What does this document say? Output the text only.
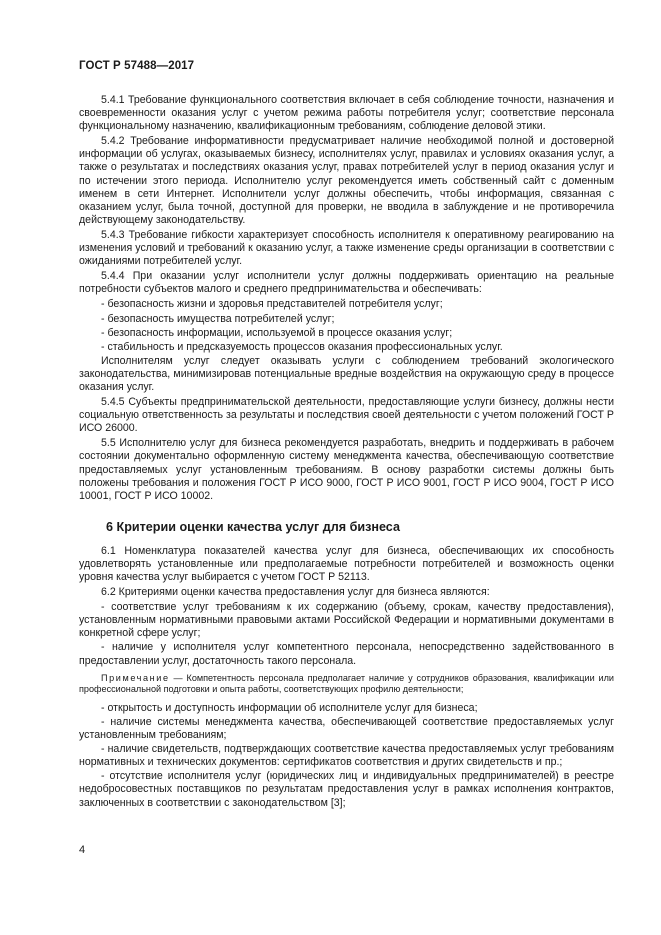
ГОСТ Р 57488—2017

5.4.1 Требование функционального соответствия включает в себя соблюдение точности, назначения и своевременности оказания услуг с учетом режима работы потребителя услуг; соответствие персонала функциональному назначению, квалификационным требованиям, соблюдение деловой этики.

5.4.2 Требование информативности предусматривает наличие необходимой полной и достоверной информации об услугах, оказываемых бизнесу, исполнителях услуг, правилах и условиях оказания услуг, а также о результатах и последствиях оказания услуг, правах потребителей услуг в период оказания услуг и по истечении этого периода. Исполнителю услуг рекомендуется иметь собственный сайт с доменным именем в сети Интернет. Исполнители услуг должны обеспечить, чтобы информация, связанная с оказанием услуг, была точной, доступной для проверки, не вводила в заблуждение и не противоречила действующему законодательству.

5.4.3 Требование гибкости характеризует способность исполнителя к оперативному реагированию на изменения условий и требований к оказанию услуг, а также изменение среды организации в соответствии с ожиданиями потребителей услуг.

5.4.4 При оказании услуг исполнители услуг должны поддерживать ориентацию на реальные потребности субъектов малого и среднего предпринимательства и обеспечивать:

- безопасность жизни и здоровья представителей потребителя услуг;

- безопасность имущества потребителей услуг;

- безопасность информации, используемой в процессе оказания услуг;

- стабильность и предсказуемость процессов оказания профессиональных услуг.

Исполнителям услуг следует оказывать услуги с соблюдением требований экологического законодательства, минимизировав потенциальные вредные воздействия на окружающую среду в процессе оказания услуг.

5.4.5 Субъекты предпринимательской деятельности, предоставляющие услуги бизнесу, должны нести социальную ответственность за результаты и последствия своей деятельности с учетом положений ГОСТ Р ИСО 26000.

5.5 Исполнителю услуг для бизнеса рекомендуется разработать, внедрить и поддерживать в рабочем состоянии документально оформленную систему менеджмента качества, обеспечивающую соответствие предоставляемых услуг установленным требованиям. В основу разработки системы должны быть положены требования и положения ГОСТ Р ИСО 9000, ГОСТ Р ИСО 9001, ГОСТ Р ИСО 9004, ГОСТ Р ИСО 10001, ГОСТ Р ИСО 10002.

6 Критерии оценки качества услуг для бизнеса

6.1 Номенклатура показателей качества услуг для бизнеса, обеспечивающих их способность удовлетворять установленные или предполагаемые потребности потребителей и возможность оценки уровня качества услуг выбирается с учетом ГОСТ Р 52113.

6.2 Критериями оценки качества предоставления услуг для бизнеса являются:

- соответствие услуг требованиям к их содержанию (объему, срокам, качеству предоставления), установленным нормативными правовыми актами Российской Федерации и нормативными документами в конкретной сфере услуг;

- наличие у исполнителя услуг компетентного персонала, непосредственно задействованного в предоставлении услуг, достаточность такого персонала.

Примечание — Компетентность персонала предполагает наличие у сотрудников образования, квалификации или профессиональной подготовки и опыта работы, соответствующих профилю деятельности;

- открытость и доступность информации об исполнителе услуг для бизнеса;

- наличие системы менеджмента качества, обеспечивающей соответствие предоставляемых услуг установленным требованиям;

- наличие свидетельств, подтверждающих соответствие качества предоставляемых услуг требованиям нормативных и технических документов: сертификатов соответствия и других свидетельств и пр.;

- отсутствие исполнителя услуг (юридических лиц и индивидуальных предпринимателей) в реестре недобросовестных поставщиков по результатам предоставления услуг в рамках исполнения контрактов, заключенных в соответствии с законодательством [3];

4
